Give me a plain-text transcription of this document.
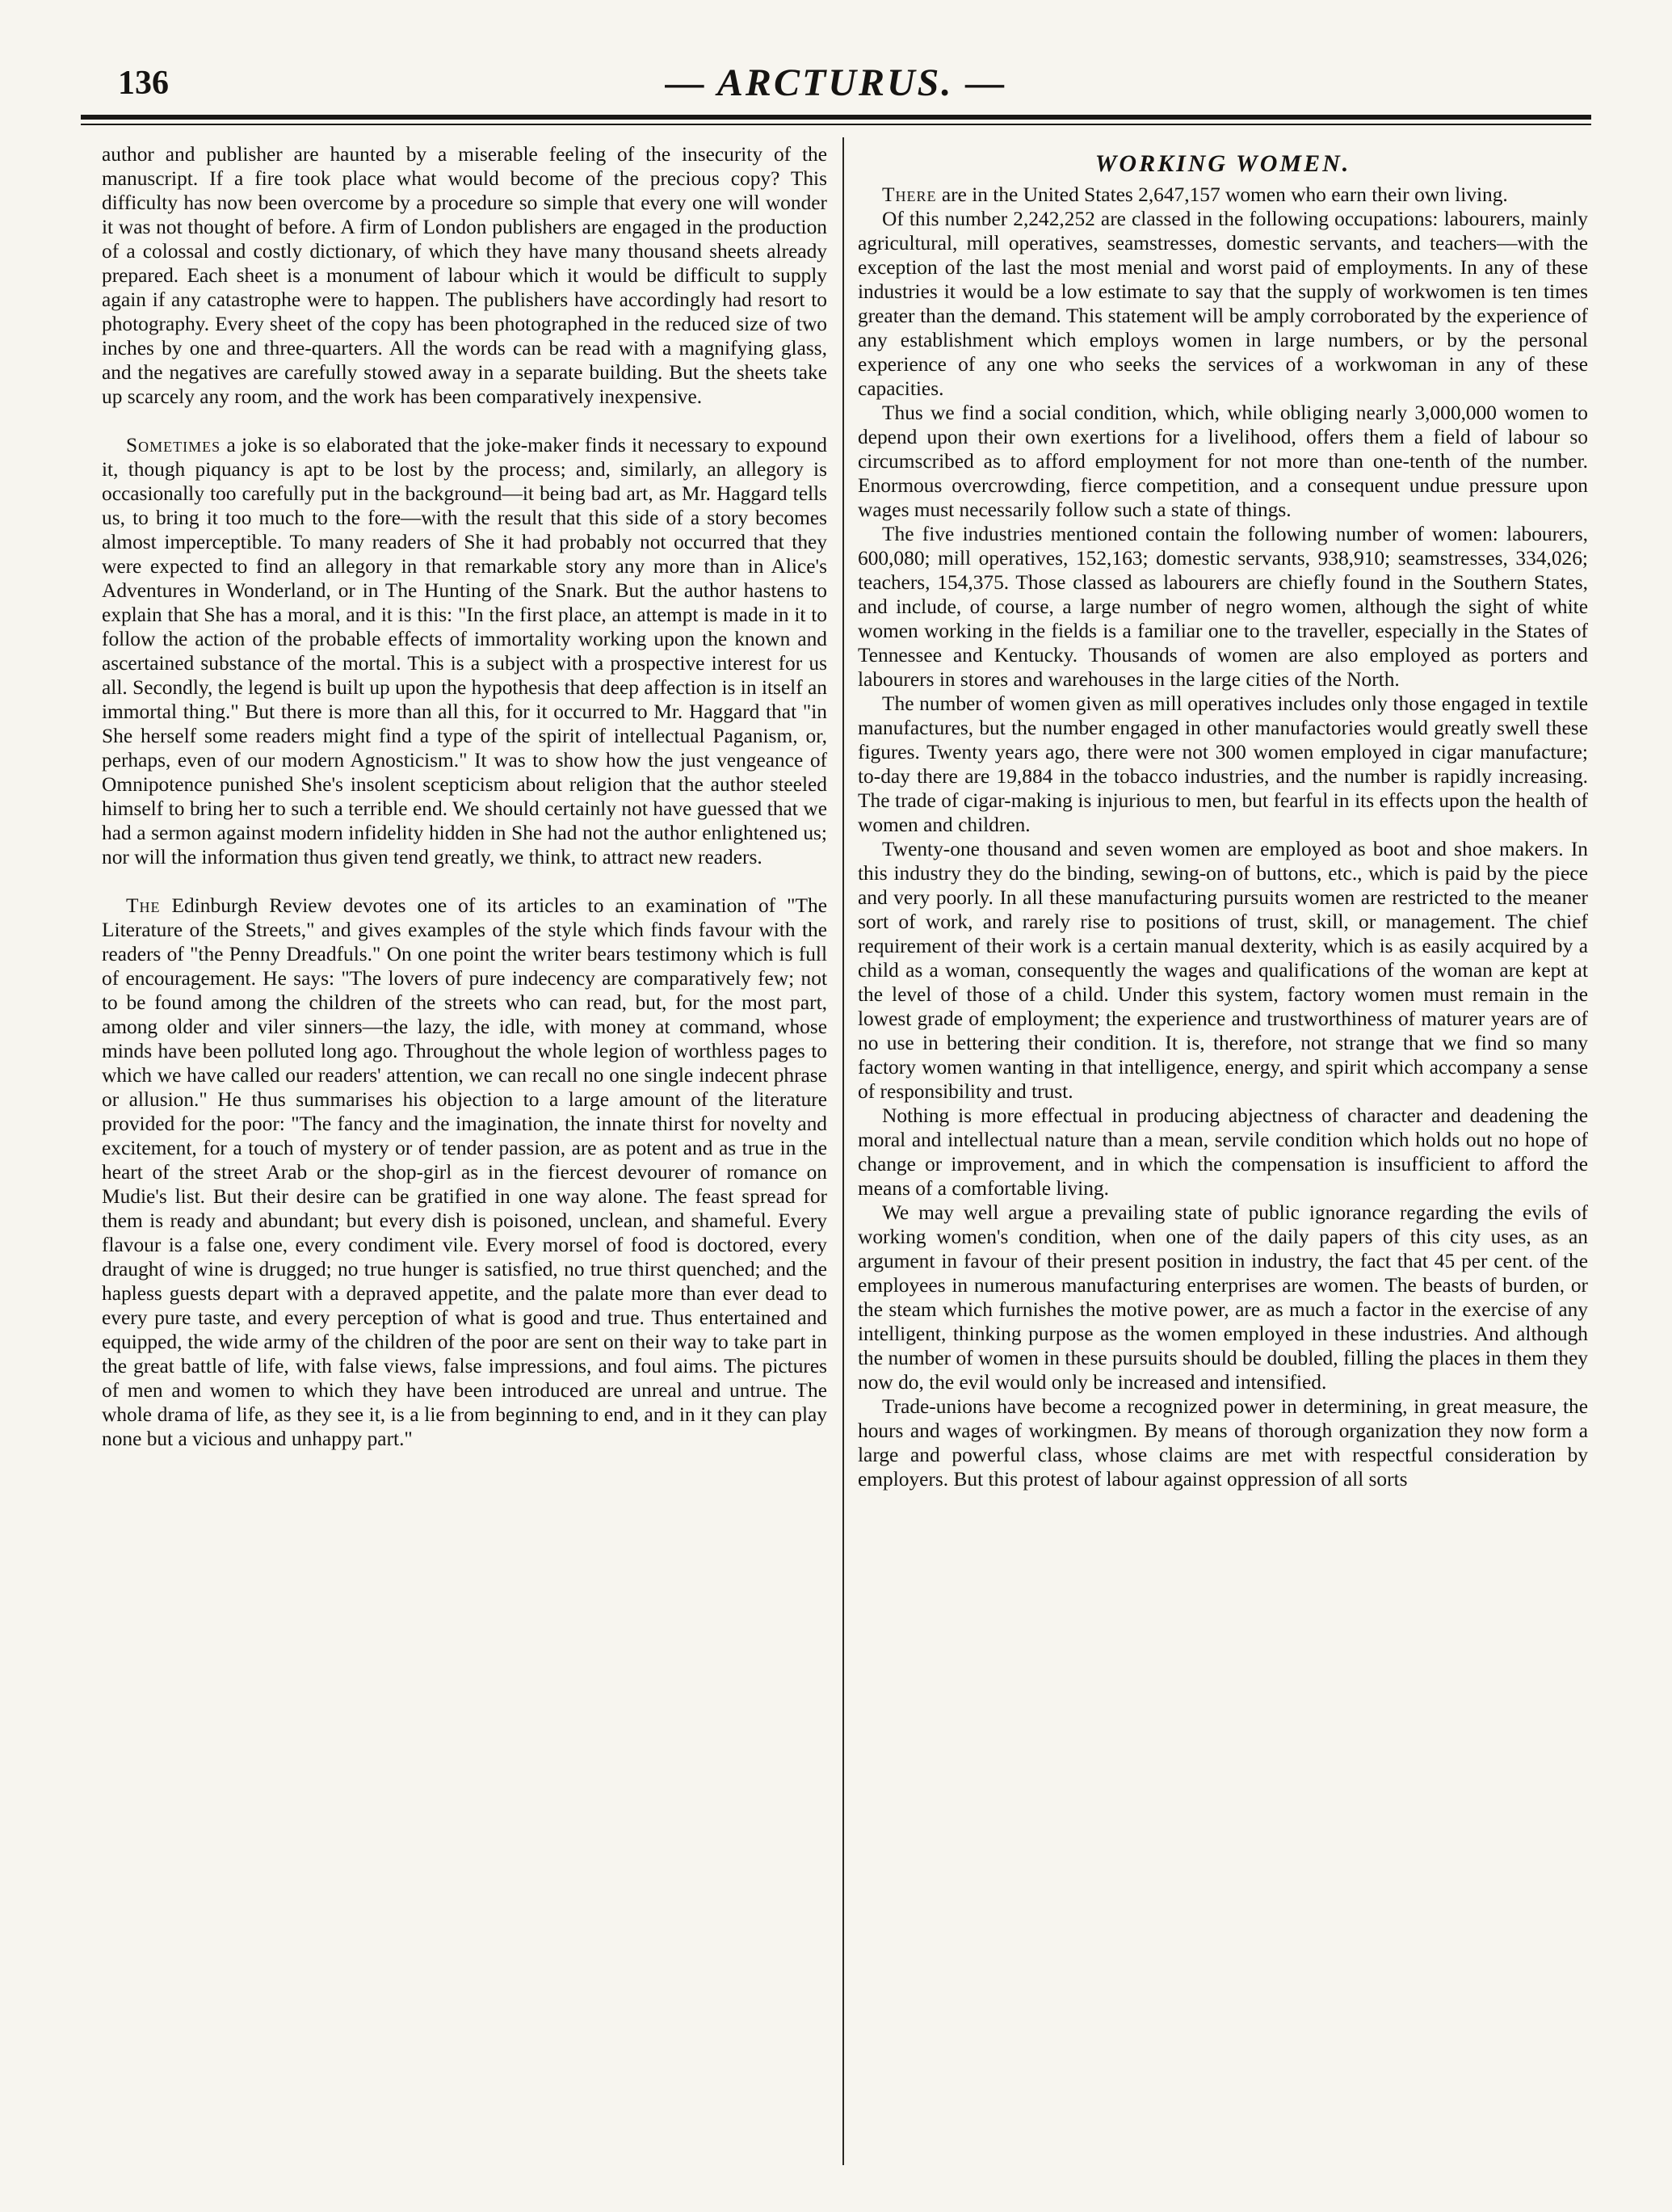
136	— ARCTURUS. —

author and publisher are haunted by a miserable feeling of the insecurity of the manuscript. If a fire took place what would become of the precious copy? This difficulty has now been overcome by a procedure so simple that every one will wonder it was not thought of before. A firm of London publishers are engaged in the production of a colossal and costly dictionary, of which they have many thousand sheets already prepared. Each sheet is a monument of labour which it would be difficult to supply again if any catastrophe were to happen. The publishers have accordingly had resort to photography. Every sheet of the copy has been photographed in the reduced size of two inches by one and three-quarters. All the words can be read with a magnifying glass, and the negatives are carefully stowed away in a separate building. But the sheets take up scarcely any room, and the work has been comparatively inexpensive.

Sometimes a joke is so elaborated that the joke-maker finds it necessary to expound it, though piquancy is apt to be lost by the process; and, similarly, an allegory is occasionally too carefully put in the background—it being bad art, as Mr. Haggard tells us, to bring it too much to the fore—with the result that this side of a story becomes almost imperceptible. To many readers of She it had probably not occurred that they were expected to find an allegory in that remarkable story any more than in Alice's Adventures in Wonderland, or in The Hunting of the Snark. But the author hastens to explain that She has a moral, and it is this: "In the first place, an attempt is made in it to follow the action of the probable effects of immortality working upon the known and ascertained substance of the mortal. This is a subject with a prospective interest for us all. Secondly, the legend is built up upon the hypothesis that deep affection is in itself an immortal thing." But there is more than all this, for it occurred to Mr. Haggard that "in She herself some readers might find a type of the spirit of intellectual Paganism, or, perhaps, even of our modern Agnosticism." It was to show how the just vengeance of Omnipotence punished She's insolent scepticism about religion that the author steeled himself to bring her to such a terrible end. We should certainly not have guessed that we had a sermon against modern infidelity hidden in She had not the author enlightened us; nor will the information thus given tend greatly, we think, to attract new readers.

The Edinburgh Review devotes one of its articles to an examination of "The Literature of the Streets," and gives examples of the style which finds favour with the readers of "the Penny Dreadfuls." On one point the writer bears testimony which is full of encouragement. He says: "The lovers of pure indecency are comparatively few; not to be found among the children of the streets who can read, but, for the most part, among older and viler sinners—the lazy, the idle, with money at command, whose minds have been polluted long ago. Throughout the whole legion of worthless pages to which we have called our readers' attention, we can recall no one single indecent phrase or allusion." He thus summarises his objection to a large amount of the literature provided for the poor: "The fancy and the imagination, the innate thirst for novelty and excitement, for a touch of mystery or of tender passion, are as potent and as true in the heart of the street Arab or the shop-girl as in the fiercest devourer of romance on Mudie's list. But their desire can be gratified in one way alone. The feast spread for them is ready and abundant; but every dish is poisoned, unclean, and shameful. Every flavour is a false one, every condiment vile. Every morsel of food is doctored, every draught of wine is drugged; no true hunger is satisfied, no true thirst quenched; and the hapless guests depart with a depraved appetite, and the palate more than ever dead to every pure taste, and every perception of what is good and true. Thus entertained and equipped, the wide army of the children of the poor are sent on their way to take part in the great battle of life, with false views, false impressions, and foul aims. The pictures of men and women to which they have been introduced are unreal and untrue. The whole drama of life, as they see it, is a lie from beginning to end, and in it they can play none but a vicious and unhappy part."

WORKING WOMEN.

There are in the United States 2,647,157 women who earn their own living.

Of this number 2,242,252 are classed in the following occupations: labourers, mainly agricultural, mill operatives, seamstresses, domestic servants, and teachers—with the exception of the last the most menial and worst paid of employments. In any of these industries it would be a low estimate to say that the supply of workwomen is ten times greater than the demand. This statement will be amply corroborated by the experience of any establishment which employs women in large numbers, or by the personal experience of any one who seeks the services of a workwoman in any of these capacities.

Thus we find a social condition, which, while obliging nearly 3,000,000 women to depend upon their own exertions for a livelihood, offers them a field of labour so circumscribed as to afford employment for not more than one-tenth of the number. Enormous overcrowding, fierce competition, and a consequent undue pressure upon wages must necessarily follow such a state of things.

The five industries mentioned contain the following number of women: labourers, 600,080; mill operatives, 152,163; domestic servants, 938,910; seamstresses, 334,026; teachers, 154,375. Those classed as labourers are chiefly found in the Southern States, and include, of course, a large number of negro women, although the sight of white women working in the fields is a familiar one to the traveller, especially in the States of Tennessee and Kentucky. Thousands of women are also employed as porters and labourers in stores and warehouses in the large cities of the North.

The number of women given as mill operatives includes only those engaged in textile manufactures, but the number engaged in other manufactories would greatly swell these figures. Twenty years ago, there were not 300 women employed in cigar manufacture; to-day there are 19,884 in the tobacco industries, and the number is rapidly increasing. The trade of cigar-making is injurious to men, but fearful in its effects upon the health of women and children.

Twenty-one thousand and seven women are employed as boot and shoe makers. In this industry they do the binding, sewing-on of buttons, etc., which is paid by the piece and very poorly. In all these manufacturing pursuits women are restricted to the meaner sort of work, and rarely rise to positions of trust, skill, or management. The chief requirement of their work is a certain manual dexterity, which is as easily acquired by a child as a woman, consequently the wages and qualifications of the woman are kept at the level of those of a child. Under this system, factory women must remain in the lowest grade of employment; the experience and trustworthiness of maturer years are of no use in bettering their condition. It is, therefore, not strange that we find so many factory women wanting in that intelligence, energy, and spirit which accompany a sense of responsibility and trust.

Nothing is more effectual in producing abjectness of character and deadening the moral and intellectual nature than a mean, servile condition which holds out no hope of change or improvement, and in which the compensation is insufficient to afford the means of a comfortable living.

We may well argue a prevailing state of public ignorance regarding the evils of working women's condition, when one of the daily papers of this city uses, as an argument in favour of their present position in industry, the fact that 45 per cent. of the employees in numerous manufacturing enterprises are women. The beasts of burden, or the steam which furnishes the motive power, are as much a factor in the exercise of any intelligent, thinking purpose as the women employed in these industries. And although the number of women in these pursuits should be doubled, filling the places in them they now do, the evil would only be increased and intensified.

Trade-unions have become a recognized power in determining, in great measure, the hours and wages of workingmen. By means of thorough organization they now form a large and powerful class, whose claims are met with respectful consideration by employers. But this protest of labour against oppression of all sorts
